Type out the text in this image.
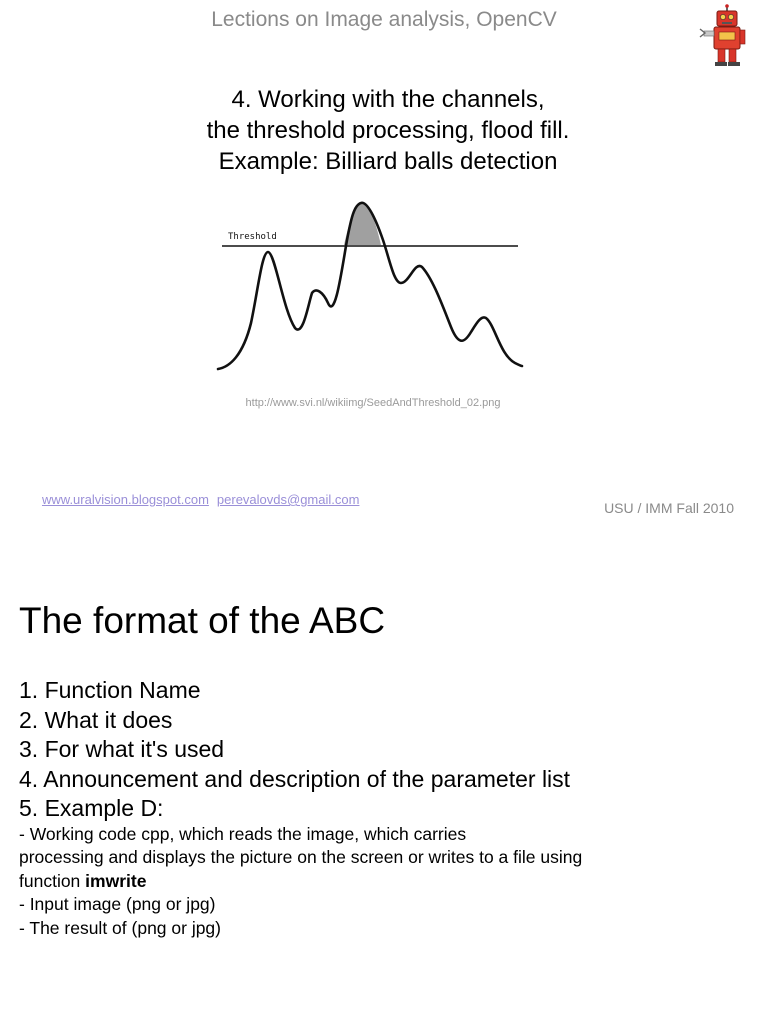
Lections on Image analysis, OpenCV
4. Working with the channels,
the threshold processing, flood fill.
Example: Billiard balls detection
Threshold
http://www.svi.nl/wikiimg/SeedAndThreshold_02.png
www.uralvision.blogspot.com perevalovds@gmail.com
USU / IMM Fall 2010
The format of the ABC
1. Function Name
2. What it does
3. For what it's used
4. Announcement and description of the parameter list
5. Example D:
- Working code cpp, which reads the image, which carries
processing and displays the picture on the screen or writes to a file using
function imwrite
- Input image (png or jpg)
- The result of (png or jpg)
